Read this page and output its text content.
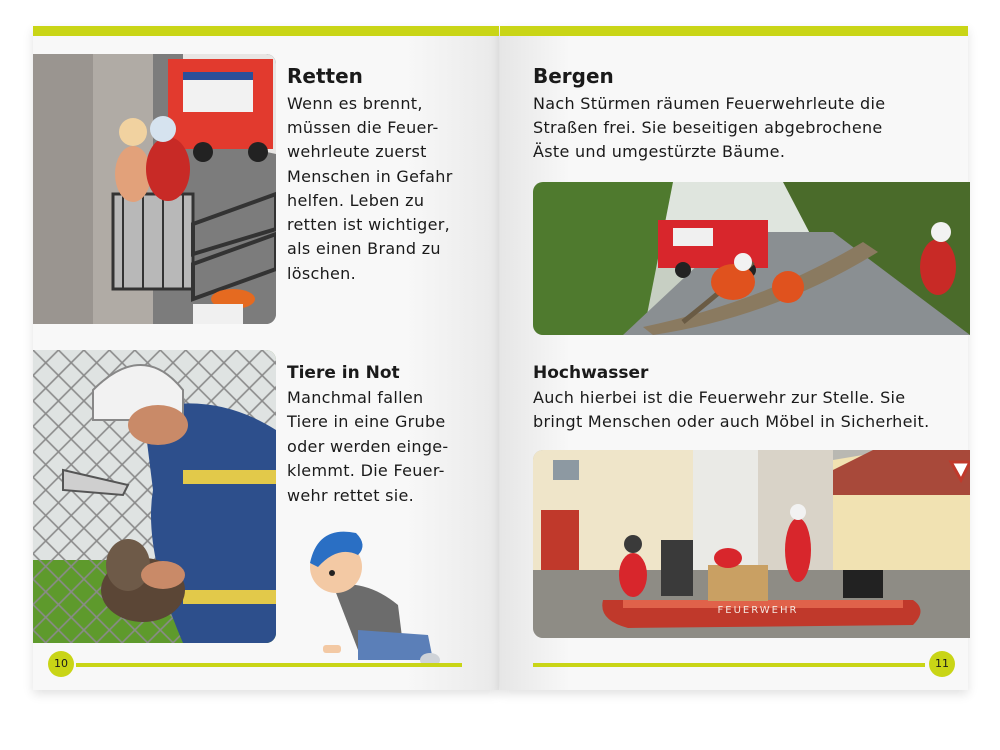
Retten

Wenn es brennt,

müssen die Feuer-

wehrleute zuerst

Menschen in Gefahr

helfen. Leben zu

retten ist wichtiger,

als einen Brand zu

löschen.

Tiere in Not

Manchmal fallen

Tiere in eine Grube

oder werden einge-

klemmt. Die Feuer-

wehr rettet sie.

10
Bergen

Nach Stürmen räumen Feuerwehrleute die

Straßen frei. Sie beseitigen abgebrochene

Äste und umgestürzte Bäume.

Hochwasser

Auch hierbei ist die Feuerwehr zur Stelle. Sie

bringt Menschen oder auch Möbel in Sicherheit.

FEUERWEHR
11
